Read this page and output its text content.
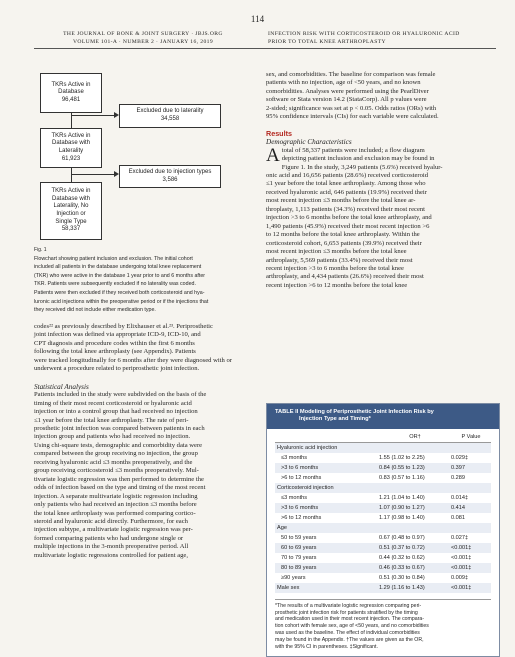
114
THE JOURNAL OF BONE & JOINT SURGERY · JBJS.ORG
VOLUME 101-A · NUMBER 2 · JANUARY 16, 2019
INFECTION RISK WITH CORTICOSTEROID OR HYALURONIC ACID
PRIOR TO TOTAL KNEE ARTHROPLASTY
TKRs Active in
Database
96,481
Excluded due to laterality
34,558
TKRs Active in
Database with
Laterality
61,923
Excluded due to injection types
3,586
TKRs Active in
Database with
Laterality, No
Injection or
Single Type
58,337
Fig. 1
Flowchart showing patient inclusion and exclusion. The initial cohort
included all patients in the database undergoing total knee replacement
(TKR) who were active in the database 1 year prior to and 6 months after
TKR. Patients were subsequently excluded if no laterality was coded.
Patients were then excluded if they received both corticosteroid and hya-
luronic acid injections within the preoperative period or if the injections that
they received did not include either medication type.
codes²² as previously described by Elixhauser et al.²³. Periprosthetic
joint infection was defined via appropriate ICD-9, ICD-10, and
CPT diagnosis and procedure codes within the first 6 months
following the total knee arthroplasty (see Appendix). Patients
were tracked longitudinally for 6 months after they were diagnosed with or
underwent a procedure related to periprosthetic joint infection.
Statistical Analysis
Patients included in the study were subdivided on the basis of the
timing of their most recent corticosteroid or hyaluronic acid
injection or into a control group that had received no injection
≤1 year before the total knee arthroplasty. The rate of peri-
prosthetic joint infection was compared between patients in each
injection group and patients who had received no injection.
Using chi-square tests, demographic and comorbidity data were
compared between the group receiving no injection, the group
receiving hyaluronic acid ≤3 months preoperatively, and the
group receiving corticosteroid ≤3 months preoperatively. Mul-
tivariate logistic regression was then performed to determine the
odds of infection based on the type and timing of the most recent
injection. A separate multivariate logistic regression including
only patients who had received an injection ≤3 months before
the total knee arthroplasty was performed comparing cortico-
steroid and hyaluronic acid directly. Furthermore, for each
injection subtype, a multivariate logistic regression was per-
formed comparing patients who had undergone single or
multiple injections in the 3-month preoperative period. All
multivariate logistic regressions controlled for patient age,
sex, and comorbidities. The baseline for comparison was female
patients with no injection, age of <50 years, and no known
comorbidities. Analyses were performed using the PearlDiver
software or Stata version 14.2 (StataCorp). All p values were
2-sided; significance was set at p < 0.05. Odds ratios (ORs) with
95% confidence intervals (CIs) for each variable were calculated.
Results
Demographic Characteristics
A total of 58,337 patients were included; a flow diagram
depicting patient inclusion and exclusion may be found in
Figure 1. In the study, 3,249 patients (5.6%) received hyalur-
onic acid and 16,656 patients (28.6%) received corticosteroid
≤1 year before the total knee arthroplasty. Among those who
received hyaluronic acid, 646 patients (19.9%) received their
most recent injection ≤3 months before the total knee ar-
throplasty, 1,113 patients (34.3%) received their most recent
injection >3 to 6 months before the total knee arthroplasty, and
1,490 patients (45.9%) received their most recent injection >6
to 12 months before the total knee arthroplasty. Within the
corticosteroid cohort, 6,653 patients (39.9%) received their
most recent injection ≤3 months before the total knee
arthroplasty, 5,569 patients (33.4%) received their most
recent injection >3 to 6 months before the total knee
arthroplasty, and 4,434 patients (26.6%) received their most
recent injection >6 to 12 months before the total knee
TABLE II Modeling of Periprosthetic Joint Infection Risk by
Injection Type and Timing*
	OR†	P Value
Hyaluronic acid injection		
≤3 months	1.55 (1.02 to 2.25)	0.029‡
>3 to 6 months	0.84 (0.55 to 1.23)	0.397
>6 to 12 months	0.83 (0.57 to 1.16)	0.289
Corticosteroid injection		
≤3 months	1.21 (1.04 to 1.40)	0.014‡
>3 to 6 months	1.07 (0.90 to 1.27)	0.414
>6 to 12 months	1.17 (0.98 to 1.40)	0.081
Age		
50 to 59 years	0.67 (0.48 to 0.97)	0.027‡
60 to 69 years	0.51 (0.37 to 0.72)	<0.001‡
70 to 79 years	0.44 (0.32 to 0.62)	<0.001‡
80 to 89 years	0.46 (0.33 to 0.67)	<0.001‡
≥90 years	0.51 (0.30 to 0.84)	0.009‡
Male sex	1.29 (1.16 to 1.43)	<0.001‡
*The results of a multivariate logistic regression comparing peri-
prosthetic joint infection risk for patients stratified by the timing
and medication used in their most recent injection. The compara-
tion cohort with female sex, age of <50 years, and no comorbidities
was used as the baseline. The effect of individual comorbidities
may be found in the Appendix. †The values are given as the OR,
with the 95% CI in parentheses. ‡Significant.
